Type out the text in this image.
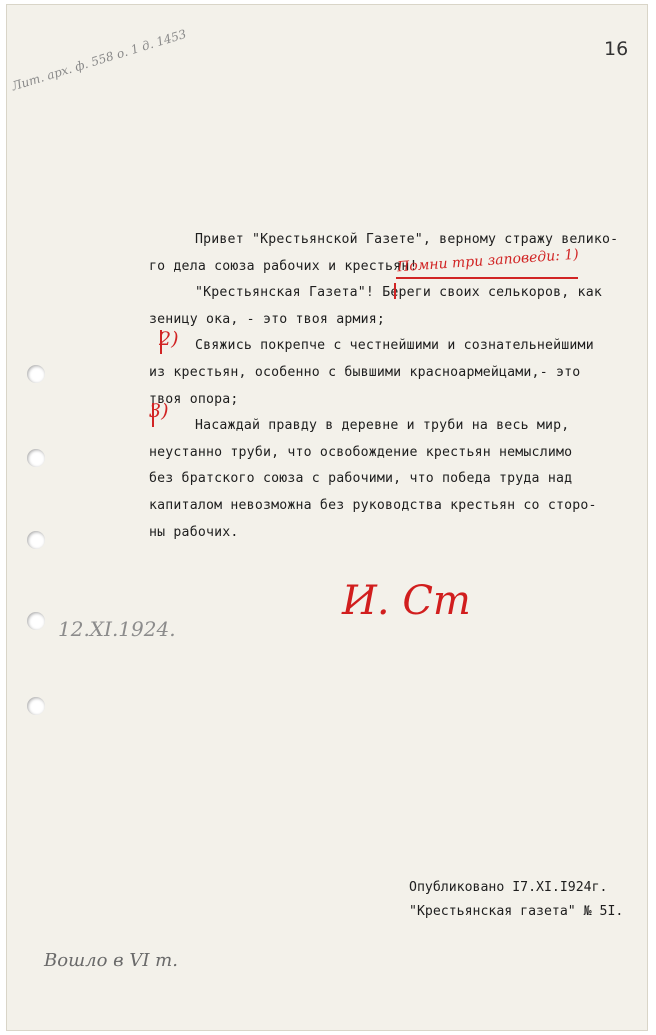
16
Лит. арх. ф. 558 о. 1 д. 1453
Привет "Крестьянской Газете", верному стражу велико-
го дела союза рабочих и крестьян!
"Крестьянская Газета"! Береги своих селькоров, как
зеницу ока, - это твоя армия;
Свяжись покрепче с честнейшими и сознательнейшими
из крестьян, особенно с бывшими красноармейцами,- это
твоя опора;
Насаждай правду в деревне и труби на весь мир,
неустанно труби, что освобождение крестьян немыслимо
без братского союза с рабочими, что победа труда над
капиталом невозможна без руководства крестьян со сторо-
ны рабочих.
Помни три заповеди: 1)
2)
3)
И. Ст
12.XI.1924.
Опубликовано I7.XI.I924г.
"Крестьянская газета" № 5I.
Вошло в VI т.
